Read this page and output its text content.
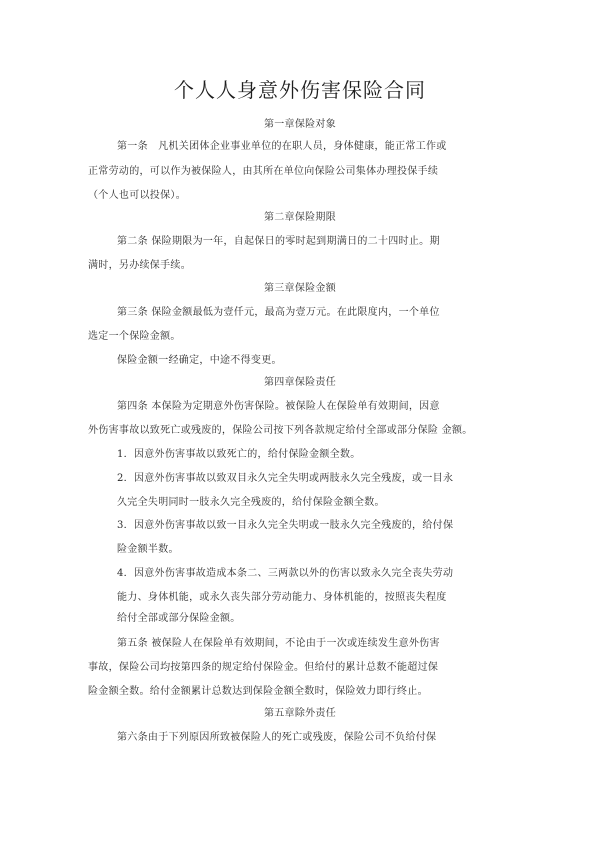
个人人身意外伤害保险合同
第一章保险对象
第一条　凡机关团体企业事业单位的在职人员，身体健康，能正常工作或
正常劳动的，可以作为被保险人，由其所在单位向保险公司集体办理投保手续
（个人也可以投保）。
第二章保险期限
第二条 保险期限为一年，自起保日的零时起到期满日的二十四时止。期
满时，另办续保手续。
第三章保险金额
第三条 保险金额最低为壹仟元，最高为壹万元。在此限度内，一个单位
选定一个保险金额。
保险金额一经确定，中途不得变更。
第四章保险责任
第四条 本保险为定期意外伤害保险。被保险人在保险单有效期间，因意
外伤害事故以致死亡或残废的，保险公司按下列各款规定给付全部或部分保险 金额。
1．因意外伤害事故以致死亡的，给付保险金额全数。
2．因意外伤害事故以致双目永久完全失明或两肢永久完全残废，或一目永
久完全失明同时一肢永久完全残废的，给付保险金额全数。
3．因意外伤害事故以致一目永久完全失明或一肢永久完全残废的，给付保
险金额半数。
4．因意外伤害事故造成本条二、三两款以外的伤害以致永久完全丧失劳动
能力、身体机能，或永久丧失部分劳动能力、身体机能的，按照丧失程度
给付全部或部分保险金额。
第五条 被保险人在保险单有效期间，不论由于一次或连续发生意外伤害
事故，保险公司均按第四条的规定给付保险金。但给付的累计总数不能超过保
险金额全数。给付金额累计总数达到保险金额全数时，保险效力即行终止。
第五章除外责任
第六条由于下列原因所致被保险人的死亡或残废，保险公司不负给付保
